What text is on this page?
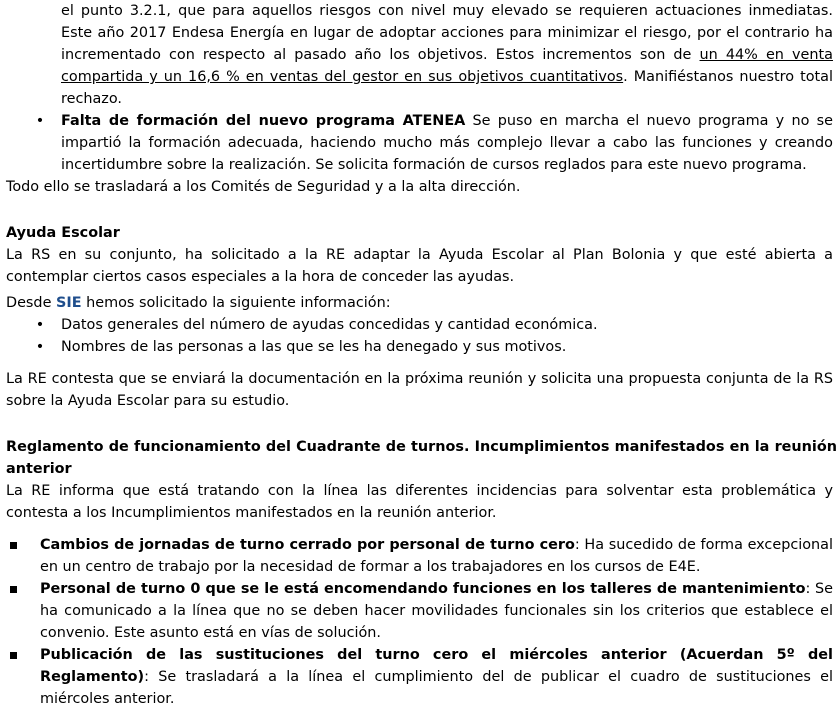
el punto 3.2.1, que para aquellos riesgos con nivel muy elevado se requieren actuaciones inmediatas. Este año 2017 Endesa Energía en lugar de adoptar acciones para minimizar el riesgo, por el contrario ha incrementado con respecto al pasado año los objetivos. Estos incrementos son de un 44% en venta compartida y un 16,6 % en ventas del gestor en sus objetivos cuantitativos. Manifiéstanos nuestro total rechazo.

• Falta de formación del nuevo programa ATENEA Se puso en marcha el nuevo programa y no se impartió la formación adecuada, haciendo mucho más complejo llevar a cabo las funciones y creando incertidumbre sobre la realización. Se solicita formación de cursos reglados para este nuevo programa.

Todo ello se trasladará a los Comités de Seguridad y a la alta dirección.

Ayuda Escolar

La RS en su conjunto, ha solicitado a la RE adaptar la Ayuda Escolar al Plan Bolonia y que esté abierta a contemplar ciertos casos especiales a la hora de conceder las ayudas.

Desde SIE hemos solicitado la siguiente información:

• Datos generales del número de ayudas concedidas y cantidad económica.
• Nombres de las personas a las que se les ha denegado y sus motivos.

La RE contesta que se enviará la documentación en la próxima reunión y solicita una propuesta conjunta de la RS sobre la Ayuda Escolar para su estudio.

Reglamento de funcionamiento del Cuadrante de turnos. Incumplimientos manifestados en la reunión anterior

La RE informa que está tratando con la línea las diferentes incidencias para solventar esta problemática y contesta a los Incumplimientos manifestados en la reunión anterior.

Cambios de jornadas de turno cerrado por personal de turno cero: Ha sucedido de forma excepcional en un centro de trabajo por la necesidad de formar a los trabajadores en los cursos de E4E.
Personal de turno 0 que se le está encomendando funciones en los talleres de mantenimiento: Se ha comunicado a la línea que no se deben hacer movilidades funcionales sin los criterios que establece el convenio. Este asunto está en vías de solución.
Publicación de las sustituciones del turno cero el miércoles anterior (Acuerdan 5º del Reglamento): Se trasladará a la línea el cumplimiento del de publicar el cuadro de sustituciones el miércoles anterior.
